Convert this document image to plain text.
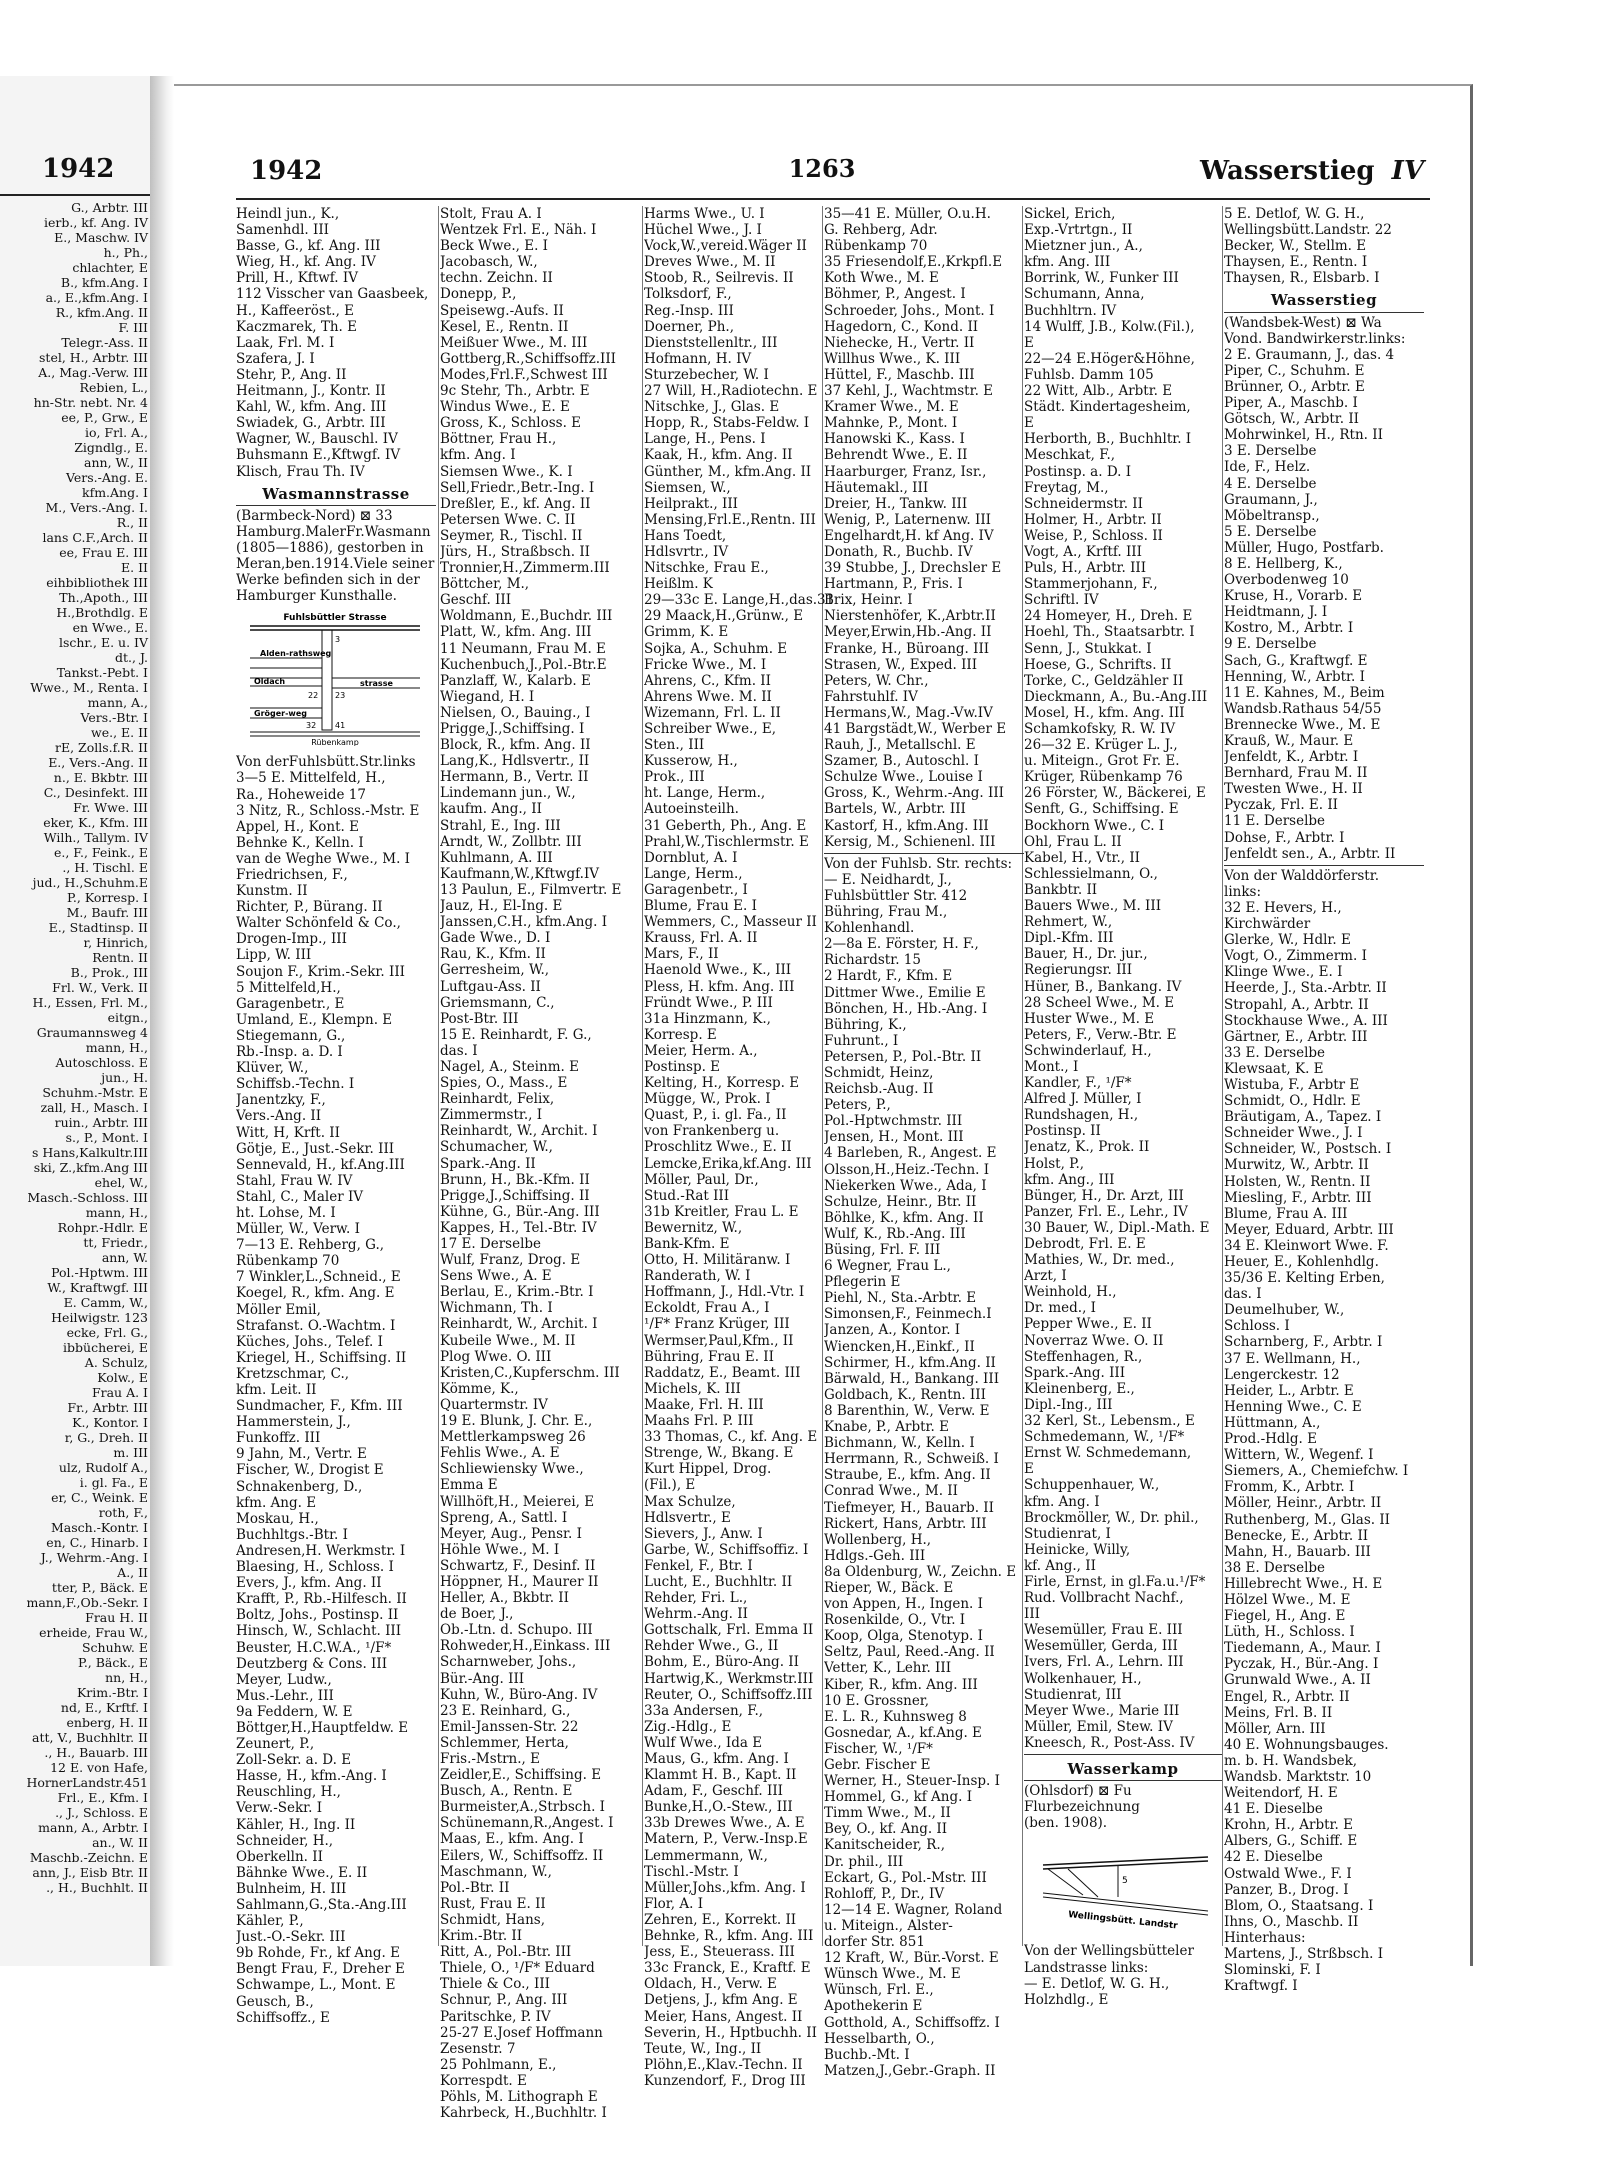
1942
G., Arbtr. III
ierb., kf. Ang. IV
E., Maschw. IV
h., Ph.,
chlachter, E
B., kfm.Ang. I
a., E.,kfm.Ang. I
R., kfm.Ang. II
F. III
Telegr.-Ass. II
stel, H., Arbtr. III
A., Mag.-Verw. III
Rebien, L.,
hn-Str. nebt. Nr. 4
ee, P., Grw., E
io, Frl. A.,
Zigndlg., E.
ann, W., II
Vers.-Ang. E.
kfm.Ang. I
M., Vers.-Ang. I.
R., II
lans C.F.,Arch. II
ee, Frau E. III
E. II
eihbibliothek III
Th.,Apoth., III
H.,Brothdlg. E
en Wwe., E.
lschr., E. u. IV
dt., J.
Tankst.-Pebt. I
Wwe., M., Renta. I
mann, A.,
Vers.-Btr. I
we., E. II
rE, Zolls.f.R. II
E., Vers.-Ang. II
n., E. Bkbtr. III
C., Desinfekt. III
Fr. Wwe. III
eker, K., Kfm. III
Wilh., Tallym. IV
e., F., Feink., E
., H. Tischl. E
jud., H.,Schuhm.E
P., Korresp. I
M., Baufr. III
E., Stadtinsp. II
r, Hinrich,
Rentn. II
B., Prok., III
Frl. W., Verk. II
H., Essen, Frl. M.,
eitgn.,
Graumannsweg 4
mann, H.,
Autoschloss. E
jun., H.
Schuhm.-Mstr. E
zall, H., Masch. I
ruin., Arbtr. III
s., P., Mont. I
s Hans,Kalkultr.III
ski, Z.,kfm.Ang III
ehel, W.,
Masch.-Schloss. III
mann, H.,
Rohpr.-Hdlr. E
tt, Friedr.,
ann, W.
Pol.-Hptwm. III
W., Kraftwgf. III
E. Camm, W.,
Heilwigstr. 123
ecke, Frl. G.,
ibbücherei, E
A. Schulz,
Kolw., E
Frau A. I
Fr., Arbtr. III
K., Kontor. I
r, G., Dreh. II
m. III
ulz, Rudolf A.,
i. gl. Fa., E
er, C., Weink. E
roth, F.,
Masch.-Kontr. I
en, C., Hinarb. I
J., Wehrm.-Ang. I
A., II
tter, P., Bäck. E
mann,F.,Ob.-Sekr. I
Frau H. II
erheide, Frau W.,
Schuhw. E
P., Bäck., E
nn, H.,
Krim.-Btr. I
nd, E., Krftf. I
enberg, H. II
att, V., Buchhltr. II
., H., Bauarb. III
12 E. von Hafe,
HornerLandstr.451
Frl., E., Kfm. I
., J., Schloss. E
mann, A., Arbtr. I
an., W. II
Maschb.-Zeichn. E
ann, J., Eisb Btr. II
., H., Buchhlt. II
1942	1263	Wasserstieg IV
Heindl jun., K.,
Samenhdl. III
Basse, G., kf. Ang. III
Wieg, H., kf. Ang. IV
Prill, H., Kftwf. IV
112 Visscher van Gaasbeek,
H., Kaffeeröst., E
Kaczmarek, Th. E
Laak, Frl. M. I
Szafera, J. I
Stehr, P., Ang. II
Heitmann, J., Kontr. II
Kahl, W., kfm. Ang. III
Swiadek, G., Arbtr. III
Wagner, W., Bauschl. IV
Buhsmann E.,Kftwgf. IV
Klisch, Frau Th. IV
Wasmannstrasse
(Barmbeck-Nord) ⊠ 33
Hamburg.MalerFr.Wasmann
(1805—1886), gestorben in
Meran,ben.1914.Viele seiner
Werke befinden sich in der
Hamburger Kunsthalle.
Fuhlsbüttler Strasse
Alden-rathsweg
Oldach
Gröger-weg
strasse
3
22 23
32 41
Rübenkamp
Von derFuhlsbütt.Str.links
3—5 E. Mittelfeld, H.,
Ra., Hoheweide 17
3 Nitz, R., Schloss.-Mstr. E
Appel, H., Kont. E
Behnke K., Kelln. I
van de Weghe Wwe., M. I
Friedrichsen, F.,
Kunstm. II
Richter, P., Bürang. II
Walter Schönfeld & Co.,
Drogen-Imp., III
Lipp, W. III
Soujon F., Krim.-Sekr. III
5 Mittelfeld,H.,
Garagenbetr., E
Umland, E., Klempn. E
Stiegemann, G.,
Rb.-Insp. a. D. I
Klüver, W.,
Schiffsb.-Techn. I
Janentzky, F.,
Vers.-Ang. II
Witt, H, Krft. II
Götje, E., Just.-Sekr. III
Sennevald, H., kf.Ang.III
Stahl, Frau W. IV
Stahl, C., Maler IV
ht. Lohse, M. I
Müller, W., Verw. I
7—13 E. Rehberg, G.,
Rübenkamp 70
7 Winkler,L.,Schneid., E
Koegel, R., kfm. Ang. E
Möller Emil,
Strafanst. O.-Wachtm. I
Küches, Johs., Telef. I
Kriegel, H., Schiffsing. II
Kretzschmar, C.,
kfm. Leit. II
Sundmacher, F., Kfm. III
Hammerstein, J.,
Funkoffz. III
9 Jahn, M., Vertr. E
Fischer, W., Drogist E
Schnakenberg, D.,
kfm. Ang. E
Moskau, H.,
Buchhltgs.-Btr. I
Andresen,H. Werkmstr. I
Blaesing, H., Schloss. I
Evers, J., kfm. Ang. II
Krafft, P., Rb.-Hilfesch. II
Boltz, Johs., Postinsp. II
Hinsch, W., Schlacht. III
Beuster, H.C.W.A., ¹/F*
Deutzberg & Cons. III
Meyer, Ludw.,
Mus.-Lehr., III
9a Feddern, W. E
Böttger,H.,Hauptfeldw. E
Zeunert, P.,
Zoll-Sekr. a. D. E
Hasse, H., kfm.-Ang. I
Reuschling, H.,
Verw.-Sekr. I
Kähler, H., Ing. II
Schneider, H.,
Oberkelln. II
Bähnke Wwe., E. II
Bulnheim, H. III
Sahlmann,G.,Sta.-Ang.III
Kähler, P.,
Just.-O.-Sekr. III
9b Rohde, Fr., kf Ang. E
Bengt Frau, F., Dreher E
Schwampe, L., Mont. E
Geusch, B.,
Schiffsoffz., E
Stolt, Frau A. I
Wentzek Frl. E., Näh. I
Beck Wwe., E. I
Jacobasch, W.,
techn. Zeichn. II
Donepp, P.,
Speisewg.-Aufs. II
Kesel, E., Rentn. II
Meißuer Wwe., M. III
Gottberg,R.,Schiffsoffz.III
Modes,Frl.F.,Schwest III
9c Stehr, Th., Arbtr. E
Windus Wwe., E. E
Gross, K., Schloss. E
Böttner, Frau H.,
kfm. Ang. I
Siemsen Wwe., K. I
Sell,Friedr.,Betr.-Ing. I
Dreßler, E., kf. Ang. II
Petersen Wwe. C. II
Seymer, R., Tischl. II
Jürs, H., Straßbsch. II
Tronnier,H.,Zimmerm.III
Böttcher, M.,
Geschf. III
Woldmann, E.,Buchdr. III
Platt, W., kfm. Ang. III
11 Neumann, Frau M. E
Kuchenbuch,J.,Pol.-Btr.E
Panzlaff, W., Kalarb. E
Wiegand, H. I
Nielsen, O., Bauing., I
Prigge,J.,Schiffsing. I
Block, R., kfm. Ang. II
Lang,K., Hdlsvertr., II
Hermann, B., Vertr. II
Lindemann jun., W.,
kaufm. Ang., II
Strahl, E., Ing. III
Arndt, W., Zollbtr. III
Kuhlmann, A. III
Kaufmann,W.,Kftwgf.IV
13 Paulun, E., Filmvertr. E
Jauz, H., El-Ing. E
Janssen,C.H., kfm.Ang. I
Gade Wwe., D. I
Rau, K., Kfm. II
Gerresheim, W.,
Luftgau-Ass. II
Griemsmann, C.,
Post-Btr. III
15 E. Reinhardt, F. G.,
das. I
Nagel, A., Steinm. E
Spies, O., Mass., E
Reinhardt, Felix,
Zimmermstr., I
Reinhardt, W., Archit. I
Schumacher, W.,
Spark.-Ang. II
Brunn, H., Bk.-Kfm. II
Prigge,J.,Schiffsing. II
Kühne, G., Bür.-Ang. III
Kappes, H., Tel.-Btr. IV
17 E. Derselbe
Wulf, Franz, Drog. E
Sens Wwe., A. E
Berlau, E., Krim.-Btr. I
Wichmann, Th. I
Reinhardt, W., Archit. I
Kubeile Wwe., M. II
Plog Wwe. O. III
Kristen,C.,Kupferschm. III
Kömme, K.,
Quartermstr. IV
19 E. Blunk, J. Chr. E.,
Mettlerkampsweg 26
Fehlis Wwe., A. E
Schliewiensky Wwe.,
Emma E
Willhöft,H., Meierei, E
Spreng, A., Sattl. I
Meyer, Aug., Pensr. I
Höhle Wwe., M. I
Schwartz, F., Desinf. II
Höppner, H., Maurer II
Heller, A., Bkbtr. II
de Boer, J.,
Ob.-Ltn. d. Schupo. III
Rohweder,H.,Einkass. III
Scharnweber, Johs.,
Bür.-Ang. III
Kuhn, W., Büro-Ang. IV
23 E. Reinhard, G.,
Emil-Janssen-Str. 22
Schlemmer, Herta,
Fris.-Mstrn., E
Zeidler,E., Schiffsing. E
Busch, A., Rentn. E
Burmeister,A.,Strbsch. I
Schünemann,R.,Angest. I
Maas, E., kfm. Ang. I
Eilers, W., Schiffsoffz. II
Maschmann, W.,
Pol.-Btr. II
Rust, Frau E. II
Schmidt, Hans,
Krim.-Btr. II
Ritt, A., Pol.-Btr. III
Thiele, O., ¹/F* Eduard
Thiele & Co., III
Schnur, P., Ang. III
Paritschke, P. IV
25-27 E.Josef Hoffmann
Zesenstr. 7
25 Pohlmann, E.,
Korrespdt. E
Pöhls, M. Lithograph E
Kahrbeck, H.,Buchhltr. I
Harms Wwe., U. I
Hüchel Wwe., J. I
Vock,W.,vereid.Wäger II
Dreves Wwe., M. II
Stoob, R., Seilrevis. II
Tolksdorf, F.,
Reg.-Insp. III
Doerner, Ph.,
Dienststellenltr., III
Hofmann, H. IV
Sturzebecher, W. I
27 Will, H.,Radiotechn. E
Nitschke, J., Glas. E
Hopp, R., Stabs-Feldw. I
Lange, H., Pens. I
Kaak, H., kfm. Ang. II
Günther, M., kfm.Ang. II
Siemsen, W.,
Heilprakt., III
Mensing,Frl.E.,Rentn. III
Hans Toedt,
Hdlsvrtr., IV
Nitschke, Frau E.,
Heißlm. K
29—33c E. Lange,H.,das.31
29 Maack,H.,Grünw., E
Grimm, K. E
Sojka, A., Schuhm. E
Fricke Wwe., M. I
Ahrens, C., Kfm. II
Ahrens Wwe. M. II
Wizemann, Frl. L. II
Schreiber Wwe., E,
Sten., III
Kusserow, H.,
Prok., III
ht. Lange, Herm.,
Autoeinsteilh.
31 Geberth, Ph., Ang. E
Prahl,W.,Tischlermstr. E
Dornblut, A. I
Lange, Herm.,
Garagenbetr., I
Blume, Frau E. I
Wemmers, C., Masseur II
Krauss, Frl. A. II
Mars, F., II
Haenold Wwe., K., III
Pless, H. kfm. Ang. III
Fründt Wwe., P. III
31a Hinzmann, K.,
Korresp. E
Meier, Herm. A.,
Postinsp. E
Kelting, H., Korresp. E
Mügge, W., Prok. I
Quast, P., i. gl. Fa., II
von Frankenberg u.
Proschlitz Wwe., E. II
Lemcke,Erika,kf.Ang. III
Möller, Paul, Dr.,
Stud.-Rat III
31b Kreitler, Frau L. E
Bewernitz, W.,
Bank-Kfm. E
Otto, H. Militäranw. I
Randerath, W. I
Hoffmann, J., Hdl.-Vtr. I
Eckoldt, Frau A., I
¹/F* Franz Krüger, III
Wermser,Paul,Kfm., II
Bühring, Frau E. II
Raddatz, E., Beamt. III
Michels, K. III
Maake, Frl. H. III
Maahs Frl. P. III
33 Thomas, C., kf. Ang. E
Strenge, W., Bkang. E
Kurt Hippel, Drog.
(Fil.), E
Max Schulze,
Hdlsvertr., E
Sievers, J., Anw. I
Garbe, W., Schiffsoffiz. I
Fenkel, F., Btr. I
Lucht, E., Buchhltr. II
Rehder, Fri. L.,
Wehrm.-Ang. II
Gottschalk, Frl. Emma II
Rehder Wwe., G., II
Bohm, E., Büro-Ang. II
Hartwig,K., Werkmstr.III
Reuter, O., Schiffsoffz.III
33a Andersen, F.,
Zig.-Hdlg., E
Wulf Wwe., Ida E
Maus, G., kfm. Ang. I
Klammt H. B., Kapt. II
Adam, F., Geschf. III
Bunke,H.,O.-Stew., III
33b Drewes Wwe., A. E
Matern, P., Verw.-Insp.E
Lemmermann, W.,
Tischl.-Mstr. I
Müller,Johs.,kfm. Ang. I
Flor, A. I
Zehren, E., Korrekt. II
Behnke, R., kfm. Ang. III
Jess, E., Steuerass. III
33c Franck, E., Kraftf. E
Oldach, H., Verw. E
Detjens, J., kfm Ang. E
Meier, Hans, Angest. II
Severin, H., Hptbuchh. II
Teute, W., Ing., II
Plöhn,E.,Klav.-Techn. II
Kunzendorf, F., Drog III
35—41 E. Müller, O.u.H.
G. Rehberg, Adr.
Rübenkamp 70
35 Friesendolf,E.,Krkpfl.E
Koth Wwe., M. E
Böhmer, P., Angest. I
Schroeder, Johs., Mont. I
Hagedorn, C., Kond. II
Niehecke, H., Vertr. II
Willhus Wwe., K. III
Hüttel, F., Maschb. III
37 Kehl, J., Wachtmstr. E
Kramer Wwe., M. E
Mahnke, P., Mont. I
Hanowski K., Kass. I
Behrendt Wwe., E. II
Haarburger, Franz, Isr.,
Häutemakl., III
Dreier, H., Tankw. III
Wenig, P., Laternenw. III
Engelhardt,H. kf Ang. IV
Donath, R., Buchb. IV
39 Stubbe, J., Drechsler E
Hartmann, P., Fris. I
Brix, Heinr. I
Nierstenhöfer, K.,Arbtr.II
Meyer,Erwin,Hb.-Ang. II
Franke, H., Büroang. III
Strasen, W., Exped. III
Peters, W. Chr.,
Fahrstuhlf. IV
Hermans,W., Mag.-Vw.IV
41 Bargstädt,W., Werber E
Rauh, J., Metallschl. E
Szamer, B., Autoschl. I
Schulze Wwe., Louise I
Gross, K., Wehrm.-Ang. III
Bartels, W., Arbtr. III
Kastorf, H., kfm.Ang. III
Kersig, M., Schienenl. III
Von der Fuhlsb. Str. rechts:
— E. Neidhardt, J.,
Fuhlsbüttler Str. 412
Bühring, Frau M.,
Kohlenhandl.
2—8a E. Förster, H. F.,
Richardstr. 15
2 Hardt, F., Kfm. E
Dittmer Wwe., Emilie E
Bönchen, H., Hb.-Ang. I
Bühring, K.,
Fuhrunt., I
Petersen, P., Pol.-Btr. II
Schmidt, Heinz,
Reichsb.-Aug. II
Peters, P.,
Pol.-Hptwchmstr. III
Jensen, H., Mont. III
4 Barleben, R., Angest. E
Olsson,H.,Heiz.-Techn. I
Niekerken Wwe., Ada, I
Schulze, Heinr., Btr. II
Böhlke, K., kfm. Ang. II
Wulf, K., Rb.-Ang. III
Büsing, Frl. F. III
6 Wegner, Frau L.,
Pflegerin E
Piehl, N., Sta.-Arbtr. E
Simonsen,F., Feinmech.I
Janzen, A., Kontor. I
Wiencken,H.,Einkf., II
Schirmer, H., kfm.Ang. II
Bärwald, H., Bankang. III
Goldbach, K., Rentn. III
8 Barenthin, W., Verw. E
Knabe, P., Arbtr. E
Bichmann, W., Kelln. I
Herrmann, R., Schweiß. I
Straube, E., kfm. Ang. II
Conrad Wwe., M. II
Tiefmeyer, H., Bauarb. II
Rickert, Hans, Arbtr. III
Wollenberg, H.,
Hdlgs.-Geh. III
8a Oldenburg, W., Zeichn. E
Rieper, W., Bäck. E
von Appen, H., Ingen. I
Rosenkilde, O., Vtr. I
Koop, Olga, Stenotyp. I
Seltz, Paul, Reed.-Ang. II
Vetter, K., Lehr. III
Kiber, R., kfm. Ang. III
10 E. Grossner,
E. L. R., Kuhnsweg 8
Gosnedar, A., kf.Ang. E
Fischer, W., ¹/F*
Gebr. Fischer E
Werner, H., Steuer-Insp. I
Hommel, G., kf Ang. I
Timm Wwe., M., II
Bey, O., kf. Ang. II
Kanitscheider, R.,
Dr. phil., III
Eckart, G., Pol.-Mstr. III
Rohloff, P., Dr., IV
12—14 E. Wagner, Roland
u. Miteign., Alster-
dorfer Str. 851
12 Kraft, W., Bür.-Vorst. E
Wünsch Wwe., M. E
Wünsch, Frl. E.,
Apothekerin E
Gotthold, A., Schiffsoffz. I
Hesselbarth, O.,
Buchb.-Mt. I
Matzen,J.,Gebr.-Graph. II
Sickel, Erich,
Exp.-Vrtrtgn., II
Mietzner jun., A.,
kfm. Ang. III
Borrink, W., Funker III
Schumann, Anna,
Buchhltrn. IV
14 Wulff, J.B., Kolw.(Fil.),
E
22—24 E.Höger&Höhne,
Fuhlsb. Damm 105
22 Witt, Alb., Arbtr. E
Städt. Kindertagesheim,
E
Herborth, B., Buchhltr. I
Meschkat, F.,
Postinsp. a. D. I
Freytag, M.,
Schneidermstr. II
Holmer, H., Arbtr. II
Weise, P., Schloss. II
Vogt, A., Krftf. III
Puls, H., Arbtr. III
Stammerjohann, F.,
Schriftl. IV
24 Homeyer, H., Dreh. E
Hoehl, Th., Staatsarbtr. I
Senn, J., Stukkat. I
Hoese, G., Schrifts. II
Torke, C., Geldzähler II
Dieckmann, A., Bu.-Ang.III
Mosel, H., kfm. Ang. III
Schamkofsky, R. W. IV
26—32 E. Krüger L. J.,
u. Miteign., Grot Fr. E.
Krüger, Rübenkamp 76
26 Förster, W., Bäckerei, E
Senft, G., Schiffsing. E
Bockhorn Wwe., C. I
Ohl, Frau L. II
Kabel, H., Vtr., II
Schlessielmann, O.,
Bankbtr. II
Bauers Wwe., M. III
Rehmert, W.,
Dipl.-Kfm. III
Bauer, H., Dr. jur.,
Regierungsr. III
Hüner, B., Bankang. IV
28 Scheel Wwe., M. E
Huster Wwe., M. E
Peters, F., Verw.-Btr. E
Schwinderlauf, H.,
Mont., I
Kandler, F., ¹/F*
Alfred J. Müller, I
Rundshagen, H.,
Postinsp. II
Jenatz, K., Prok. II
Holst, P.,
kfm. Ang., III
Bünger, H., Dr. Arzt, III
Panzer, Frl. E., Lehr., IV
30 Bauer, W., Dipl.-Math. E
Debrodt, Frl. E. E
Mathies, W., Dr. med.,
Arzt, I
Weinhold, H.,
Dr. med., I
Pepper Wwe., E. II
Noverraz Wwe. O. II
Steffenhagen, R.,
Spark.-Ang. III
Kleinenberg, E.,
Dipl.-Ing., III
32 Kerl, St., Lebensm., E
Schmedemann, W., ¹/F*
Ernst W. Schmedemann,
E
Schuppenhauer, W.,
kfm. Ang. I
Brockmöller, W., Dr. phil.,
Studienrat, I
Heinicke, Willy,
kf. Ang., II
Firle, Ernst, in gl.Fa.u.¹/F*
Rud. Vollbracht Nachf.,
III
Wesemüller, Frau E. III
Wesemüller, Gerda, III
Ivers, Frl. A., Lehrn. III
Wolkenhauer, H.,
Studienrat, III
Meyer Wwe., Marie III
Müller, Emil, Stew. IV
Kneesch, R., Post-Ass. IV
Wasserkamp
(Ohlsdorf) ⊠ Fu
Flurbezeichnung
(ben. 1908).
5
Wellingsbütt. Landstr
Von der Wellingsbütteler
Landstrasse links:
— E. Detlof, W. G. H.,
Holzhdlg., E
5 E. Detlof, W. G. H.,
Wellingsbütt.Landstr. 22
Becker, W., Stellm. E
Thaysen, E., Rentn. I
Thaysen, R., Elsbarb. I
Wasserstieg
(Wandsbek-West) ⊠ Wa
Vond. Bandwirkerstr.links:
2 E. Graumann, J., das. 4
Piper, C., Schuhm. E
Brünner, O., Arbtr. E
Piper, A., Maschb. I
Götsch, W., Arbtr. II
Mohrwinkel, H., Rtn. II
3 E. Derselbe
Ide, F., Helz.
4 E. Derselbe
Graumann, J.,
Möbeltransp.,
5 E. Derselbe
Müller, Hugo, Postfarb.
8 E. Hellberg, K.,
Overbodenweg 10
Kruse, H., Vorarb. E
Heidtmann, J. I
Kostro, M., Arbtr. I
9 E. Derselbe
Sach, G., Kraftwgf. E
Henning, W., Arbtr. I
11 E. Kahnes, M., Beim
Wandsb.Rathaus 54/55
Brennecke Wwe., M. E
Krauß, W., Maur. E
Jenfeldt, K., Arbtr. I
Bernhard, Frau M. II
Twesten Wwe., H. II
Pyczak, Frl. E. II
11 E. Derselbe
Dohse, F., Arbtr. I
Jenfeldt sen., A., Arbtr. II
Von der Walddörferstr.
links:
32 E. Hevers, H.,
Kirchwärder
Glerke, W., Hdlr. E
Vogt, O., Zimmerm. I
Klinge Wwe., E. I
Heerde, J., Sta.-Arbtr. II
Stropahl, A., Arbtr. II
Stockhause Wwe., A. III
Gärtner, E., Arbtr. III
33 E. Derselbe
Klewsaat, K. E
Wistuba, F., Arbtr E
Schmidt, O., Hdlr. E
Bräutigam, A., Tapez. I
Schneider Wwe., J. I
Schneider, W., Postsch. I
Murwitz, W., Arbtr. II
Holsten, W., Rentn. II
Miesling, F., Arbtr. III
Blume, Frau A. III
Meyer, Eduard, Arbtr. III
34 E. Kleinwort Wwe. F.
Heuer, E., Kohlenhdlg.
35/36 E. Kelting Erben,
das. I
Deumelhuber, W.,
Schloss. I
Scharnberg, F., Arbtr. I
37 E. Wellmann, H.,
Lengerckestr. 12
Heider, L., Arbtr. E
Henning Wwe., C. E
Hüttmann, A.,
Prod.-Hdlg. E
Wittern, W., Wegenf. I
Siemers, A., Chemiefchw. I
Fromm, K., Arbtr. I
Möller, Heinr., Arbtr. II
Ruthenberg, M., Glas. II
Benecke, E., Arbtr. II
Mahn, H., Bauarb. III
38 E. Derselbe
Hillebrecht Wwe., H. E
Hölzel Wwe., M. E
Fiegel, H., Ang. E
Lüth, H., Schloss. I
Tiedemann, A., Maur. I
Pyczak, H., Bür.-Ang. I
Grunwald Wwe., A. II
Engel, R., Arbtr. II
Meins, Frl. B. II
Möller, Arn. III
40 E. Wohnungsbauges.
m. b. H. Wandsbek,
Wandsb. Marktstr. 10
Weitendorf, H. E
41 E. Dieselbe
Krohn, H., Arbtr. E
Albers, G., Schiff. E
42 E. Dieselbe
Ostwald Wwe., F. I
Panzer, B., Drog. I
Blom, O., Staatsang. I
Ihns, O., Maschb. II
Hinterhaus:
Martens, J., Strßbsch. I
Slominski, F. I
Kraftwgf. I
